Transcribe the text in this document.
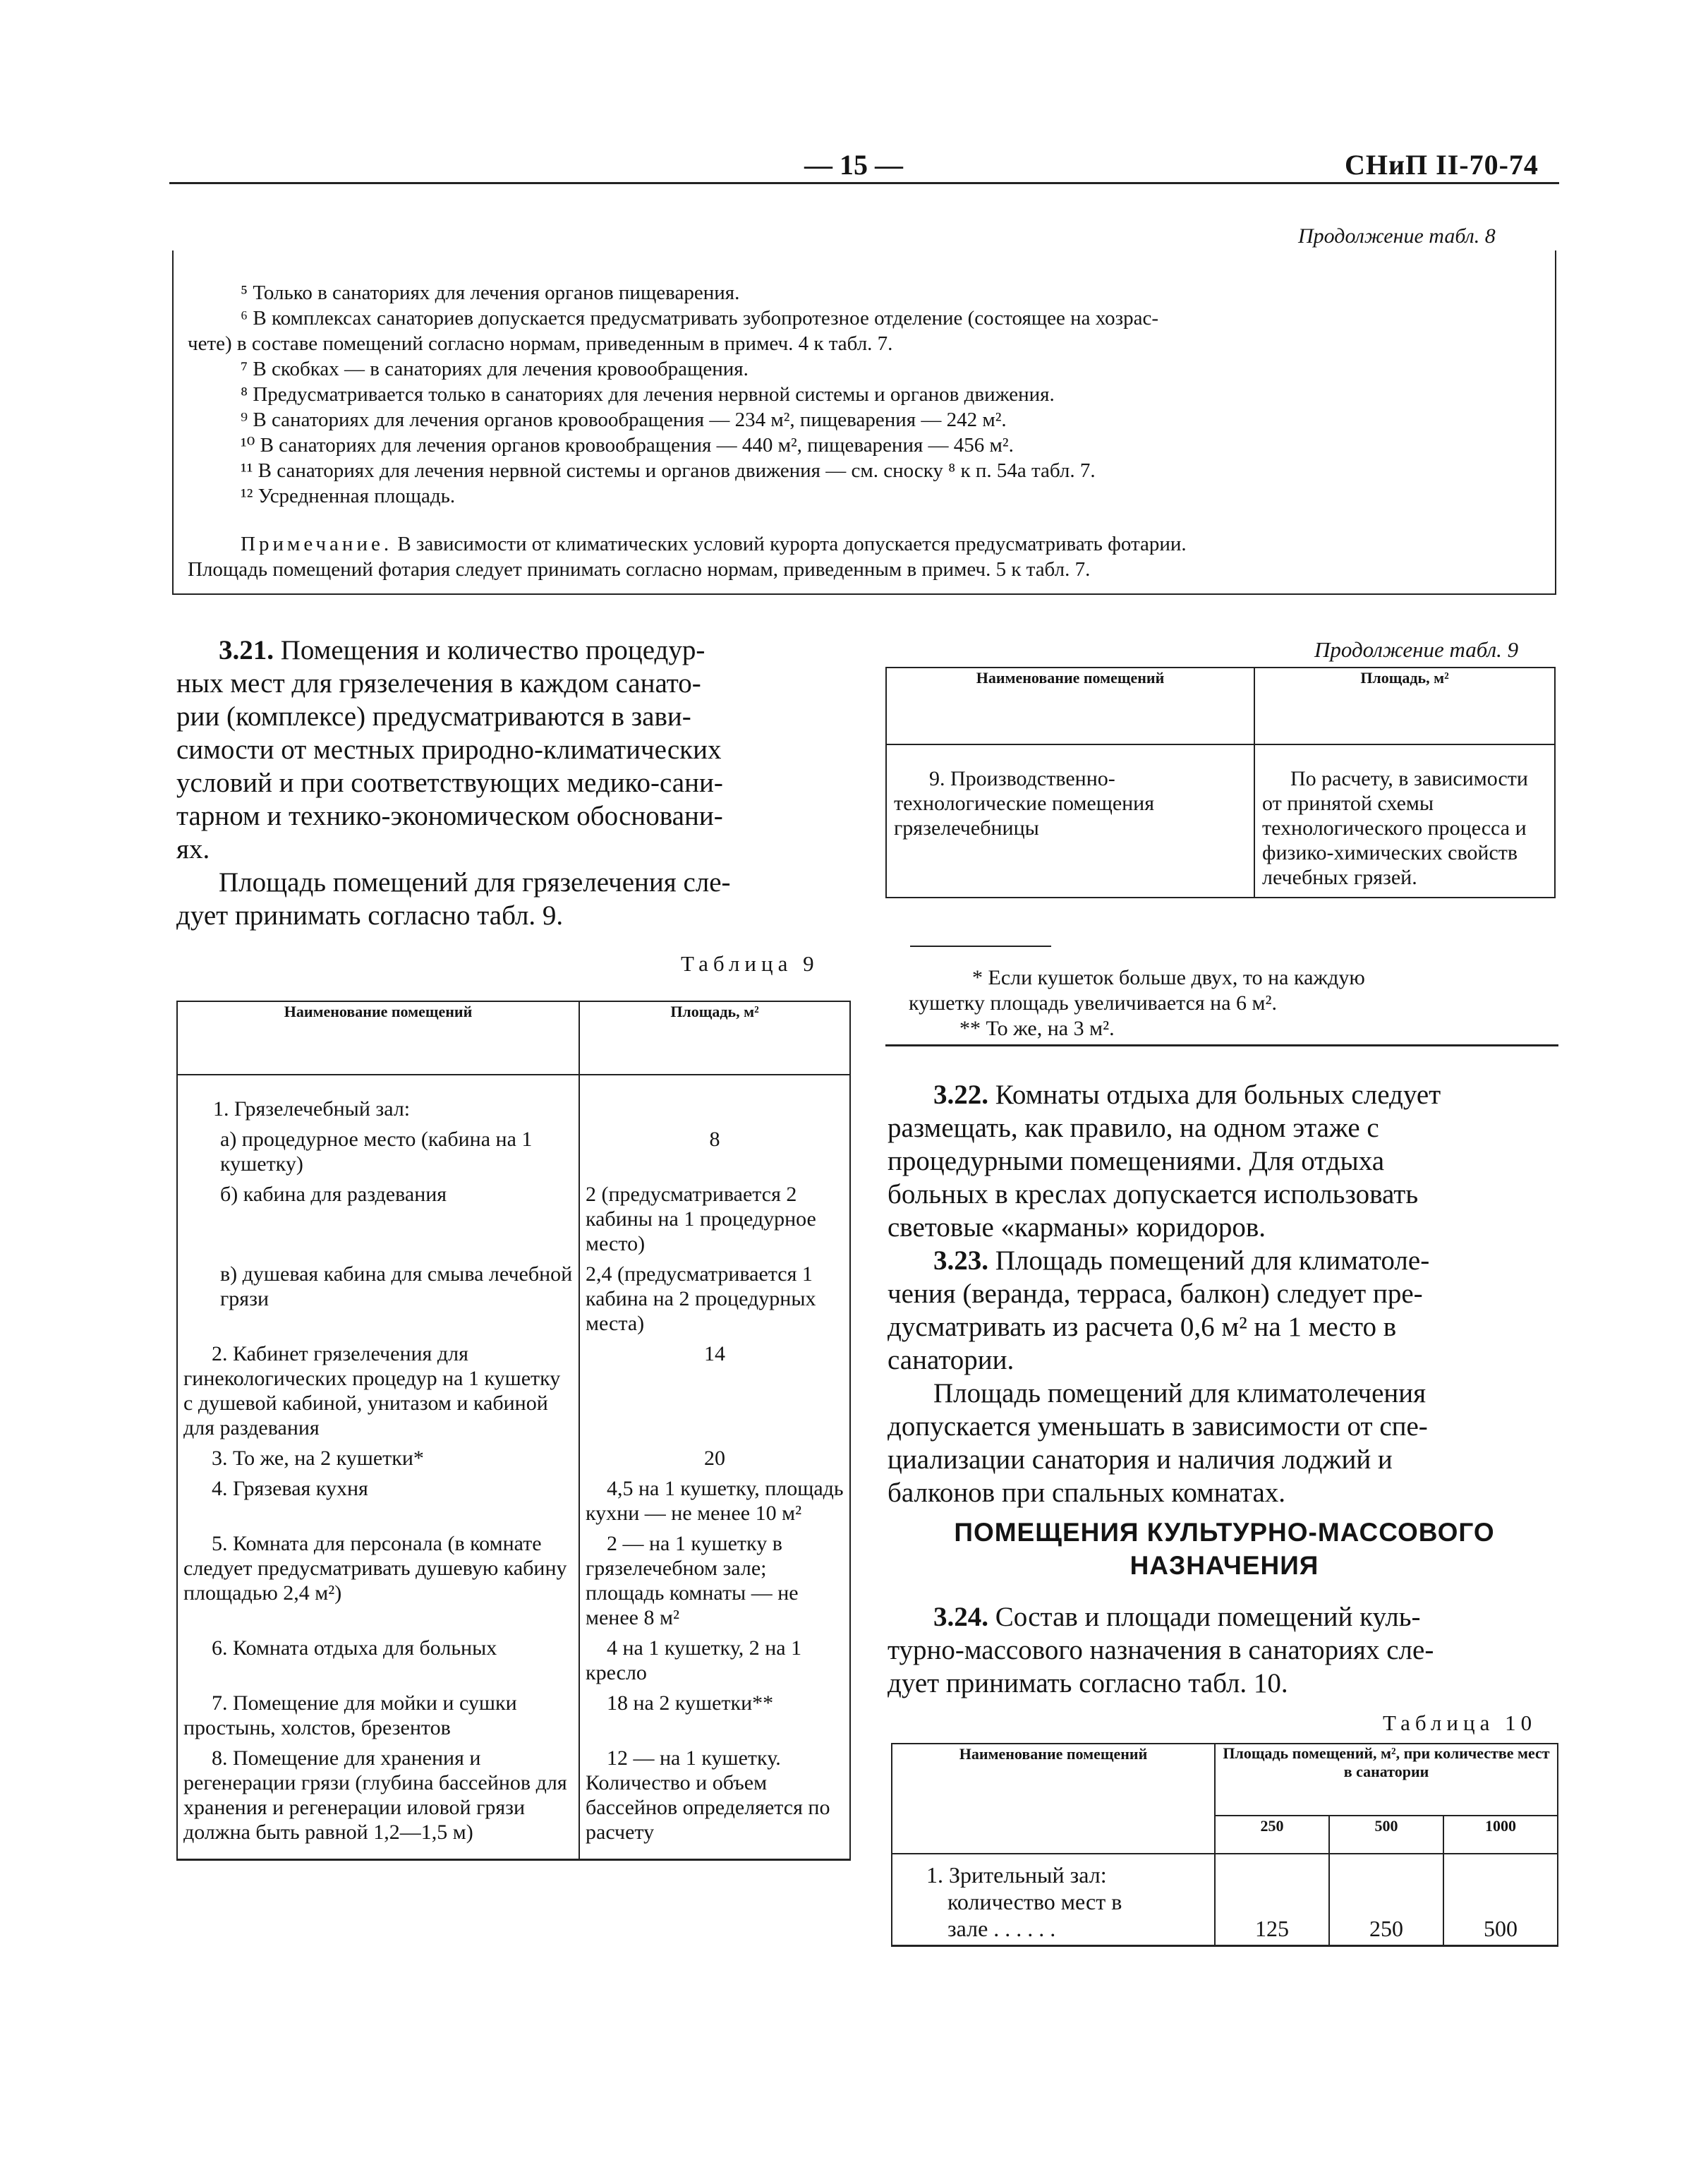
— 15 —	СНиП II-70-74
Продолжение табл. 8
⁵ Только в санаториях для лечения органов пищеварения.
⁶ В комплексах санаториев допускается предусматривать зубопротезное отделение (состоящее на хозрас-
чете) в составе помещений согласно нормам, приведенным в примеч. 4 к табл. 7.
⁷ В скобках — в санаториях для лечения кровообращения.
⁸ Предусматривается только в санаториях для лечения нервной системы и органов движения.
⁹ В санаториях для лечения органов кровообращения — 234 м², пищеварения — 242 м².
¹⁰ В санаториях для лечения органов кровообращения — 440 м², пищеварения — 456 м².
¹¹ В санаториях для лечения нервной системы и органов движения — см. сноску ⁸ к п. 54а табл. 7.
¹² Усредненная площадь.
Примечание. В зависимости от климатических условий курорта допускается предусматривать фотарии.
Площадь помещений фотария следует принимать согласно нормам, приведенным в примеч. 5 к табл. 7.
3.21. Помещения и количество процедур-
ных мест для грязелечения в каждом санато-
рии (комплексе) предусматриваются в зави-
симости от местных природно-климатических
условий и при соответствующих медико-сани-
тарном и технико-экономическом обосновани-
ях.
Площадь помещений для грязелечения сле-
дует принимать согласно табл. 9.
Таблица 9
Наименование помещений	Площадь, м²
1. Грязелечебный зал:	
а) процедурное место (кабина на 1 кушетку)	8
б) кабина для раздевания	2 (предусматривается 2 кабины на 1 процедурное место)
в) душевая кабина для смыва лечебной грязи	2,4 (предусматривается 1 кабина на 2 процедурных места)
2. Кабинет грязелечения для гинекологических процедур на 1 кушетку с душевой кабиной, унитазом и кабиной для раздевания	14
3. То же, на 2 кушетки*	20
4. Грязевая кухня	4,5 на 1 кушетку, площадь кухни — не менее 10 м²
5. Комната для персонала (в комнате следует предусматривать душевую кабину площадью 2,4 м²)	2 — на 1 кушетку в грязелечебном зале; площадь комнаты — не менее 8 м²
6. Комната отдыха для больных	4 на 1 кушетку, 2 на 1 кресло
7. Помещение для мойки и сушки простынь, холстов, брезентов	18 на 2 кушетки**
8. Помещение для хранения и регенерации грязи (глубина бассейнов для хранения и регенерации иловой грязи должна быть равной 1,2—1,5 м)	12 — на 1 кушетку. Количество и объем бассейнов определяется по расчету
Продолжение табл. 9
Наименование помещений	Площадь, м²
9. Производственно-технологические помещения грязелечебницы	По расчету, в зависимости от принятой схемы технологического процесса и физико-химических свойств лечебных грязей.
* Если кушеток больше двух, то на каждую
кушетку площадь увеличивается на 6 м².
** То же, на 3 м².
3.22. Комнаты отдыха для больных следует
размещать, как правило, на одном этаже с
процедурными помещениями. Для отдыха
больных в креслах допускается использовать
световые «карманы» коридоров.
3.23. Площадь помещений для климатоле-
чения (веранда, терраса, балкон) следует пре-
дусматривать из расчета 0,6 м² на 1 место в
санатории.
Площадь помещений для климатолечения
допускается уменьшать в зависимости от спе-
циализации санатория и наличия лоджий и
балконов при спальных комнатах.
ПОМЕЩЕНИЯ КУЛЬТУРНО-МАССОВОГО
НАЗНАЧЕНИЯ
3.24. Состав и площади помещений куль-
турно-массового назначения в санаториях сле-
дует принимать согласно табл. 10.
Таблица 10
Наименование помещений	Площадь помещений, м², при количестве мест в санатории		
	250	500	1000

1. Зрительный зал:
количество мест в
зале . . . . . .	125	250	500
